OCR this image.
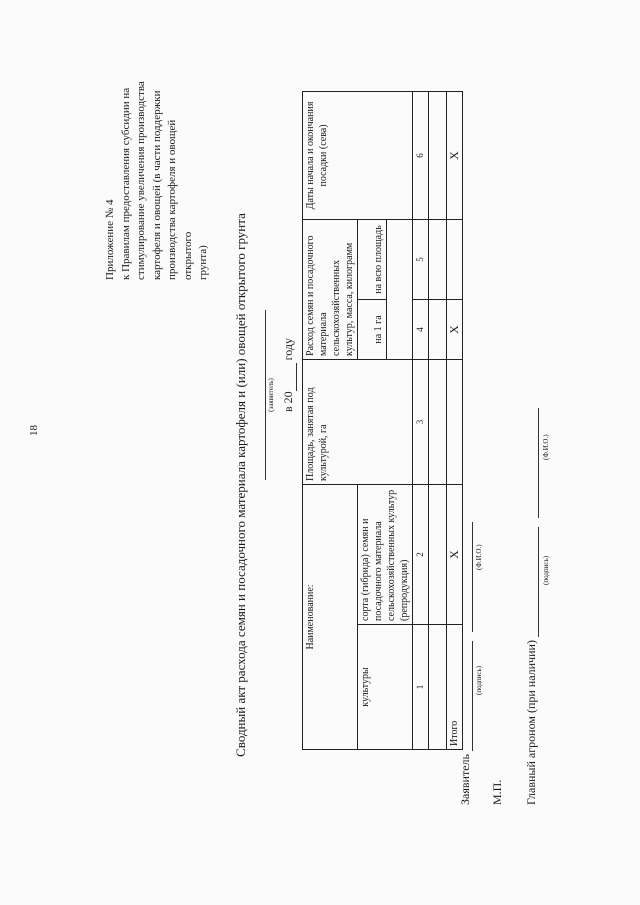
18
Приложение № 4 к Правилам предоставления субсидии на стимулирование увеличения производства картофеля и овощей (в части поддержки производства картофеля и овощей открытого грунта) Сводный акт расхода семян и посадочного материала картофеля и (или) овощей открытого грунта	(заявитель) в 20  году
Наименование:		Площадь, занятая под культурой, га	Расход семян и посадочного материала сельскохозяйственных культур, масса, килограмм		Даты начала и окончания посадки (сева)
культуры	сорта (гибрида) семян и посадочного материала сельскохозяйственных культур (репродукция)		на 1 га	на всю площадь	

1	2	3	4	5	6

Итого	X		X		X
Заявитель
(подпись)
(Ф.И.О.)
М.П. Главный агроном (при наличии)
(подпись)
(Ф.И.О.)
